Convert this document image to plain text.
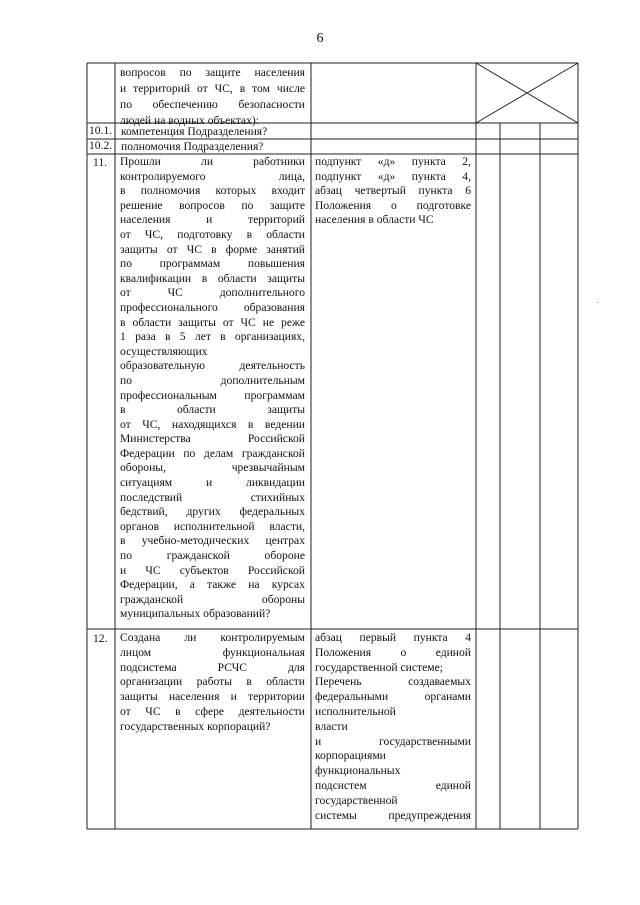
6
вопросов по защите населения
и территорий от ЧС, в том числе
по обеспечению безопасности
людей на водных объектах):
10.1. компетенция Подразделения?
10.2. полномочия Подразделения?
11. Прошли ли работники
контролируемого лица,
в полномочия которых входит
решение вопросов по защите
населения и территорий
от ЧС, подготовку в области
защиты от ЧС в форме занятий
по программам повышения
квалификации в области защиты
от ЧС дополнительного
профессионального образования
в области защиты от ЧС не реже
1 раза в 5 лет в организациях,
осуществляющих
образовательную деятельность
по дополнительным
профессиональным программам
в области защиты
от ЧС, находящихся в ведении
Министерства Российской
Федерации по делам гражданской
обороны, чрезвычайным
ситуациям и ликвидации
последствий стихийных
бедствий, других федеральных
органов исполнительной власти,
в учебно-методических центрах
по гражданской обороне
и ЧС субъектов Российской
Федерации, а также на курсах
гражданской обороны
муниципальных образований?
подпункт «д» пункта 2,
подпункт «д» пункта 4,
абзац четвертый пункта 6
Положения о подготовке
населения в области ЧС
12. Создана ли контролируемым
лицом функциональная
подсистема РСЧС для
организации работы в области
защиты населения и территории
от ЧС в сфере деятельности
государственных корпораций?
абзац первый пункта 4
Положения о единой
государственной системе;
Перечень создаваемых
федеральными органами
исполнительной
власти
и государственными
корпорациями
функциональных
подсистем единой
государственной
системы предупреждения
